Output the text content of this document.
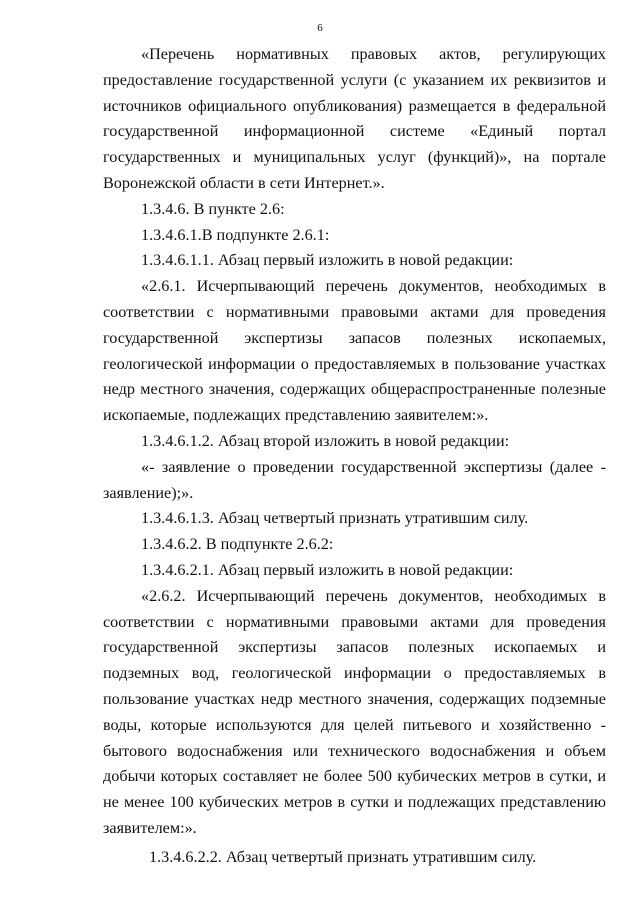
6

«Перечень нормативных правовых актов, регулирующих предоставление государственной услуги (с указанием их реквизитов и источников официального опубликования) размещается в федеральной государственной информационной системе «Единый портал государственных и муниципальных услуг (функций)», на портале Воронежской области в сети Интернет.».

1.3.4.6. В пункте 2.6:

1.3.4.6.1.В подпункте 2.6.1:

1.3.4.6.1.1. Абзац первый изложить в новой редакции:

«2.6.1. Исчерпывающий перечень документов, необходимых в соответствии с нормативными правовыми актами для проведения государственной экспертизы запасов полезных ископаемых, геологической информации о предоставляемых в пользование участках недр местного значения, содержащих общераспространенные полезные ископаемые, подлежащих представлению заявителем:».

1.3.4.6.1.2. Абзац второй изложить в новой редакции:

«- заявление о проведении государственной экспертизы (далее - заявление);».

1.3.4.6.1.3. Абзац четвертый признать утратившим силу.

1.3.4.6.2. В подпункте 2.6.2:

1.3.4.6.2.1. Абзац первый изложить в новой редакции:

«2.6.2. Исчерпывающий перечень документов, необходимых в соответствии с нормативными правовыми актами для проведения государственной экспертизы запасов полезных ископаемых и подземных вод, геологической информации о предоставляемых в пользование участках недр местного значения, содержащих подземные воды, которые используются для целей питьевого и хозяйственно - бытового водоснабжения или технического водоснабжения и объем добычи которых составляет не более 500 кубических метров в сутки, и не менее 100 кубических метров в сутки и подлежащих представлению заявителем:».

1.3.4.6.2.2. Абзац четвертый признать утратившим силу.
